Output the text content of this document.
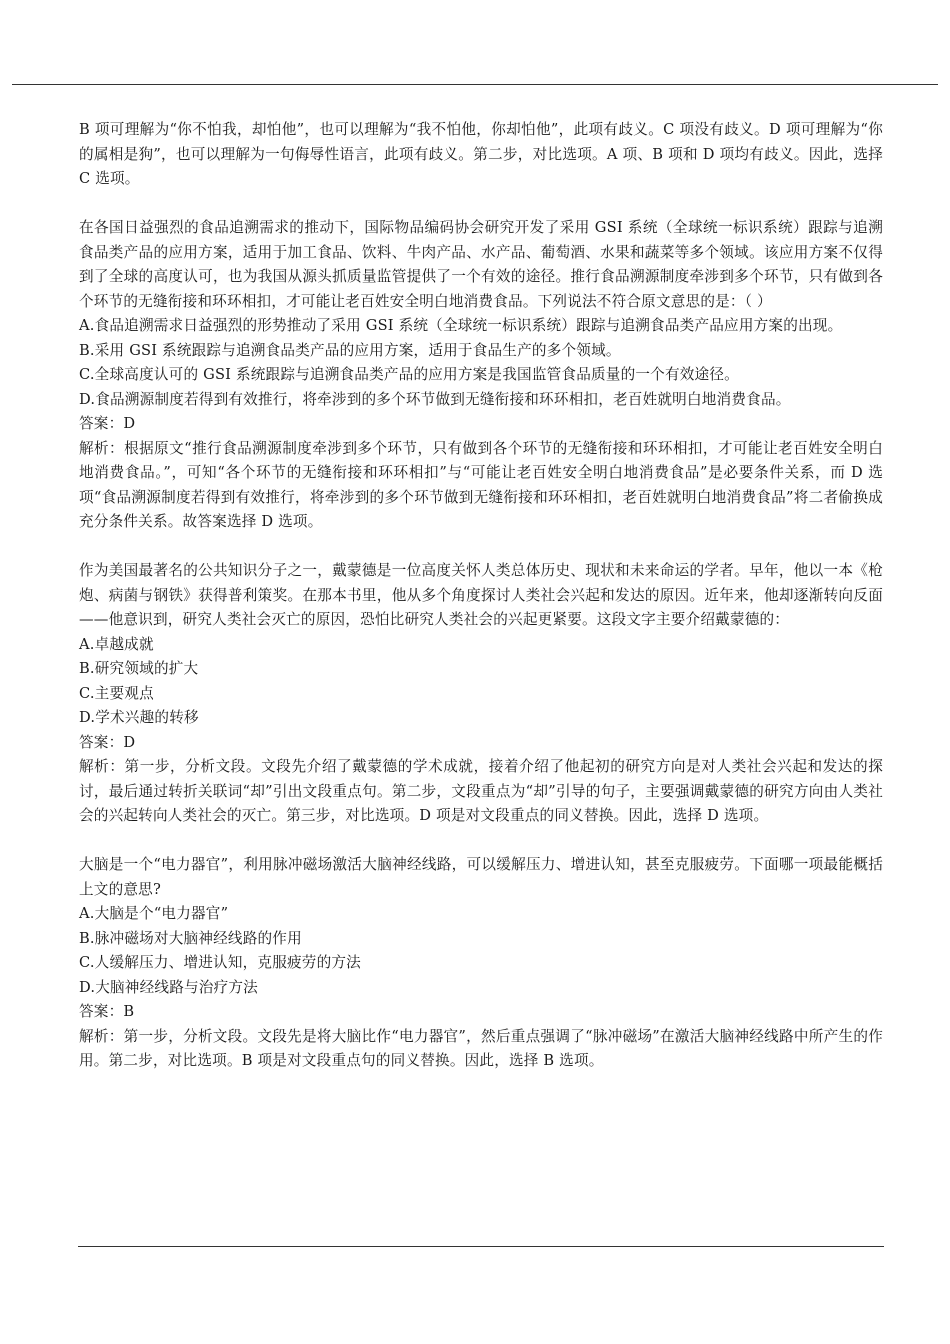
B 项可理解为“你不怕我，却怕他”，也可以理解为“我不怕他，你却怕他”，此项有歧义。C 项没有歧义。D 项可理解为“你的属相是狗”，也可以理解为一句侮辱性语言，此项有歧义。第二步，对比选项。A 项、B 项和 D 项均有歧义。因此，选择 C 选项。

在各国日益强烈的食品追溯需求的推动下，国际物品编码协会研究开发了采用 GSI 系统（全球统一标识系统）跟踪与追溯食品类产品的应用方案，适用于加工食品、饮料、牛肉产品、水产品、葡萄酒、水果和蔬菜等多个领域。该应用方案不仅得到了全球的高度认可，也为我国从源头抓质量监管提供了一个有效的途径。推行食品溯源制度牵涉到多个环节，只有做到各个环节的无缝衔接和环环相扣，才可能让老百姓安全明白地消费食品。下列说法不符合原文意思的是：（ ）

A.食品追溯需求日益强烈的形势推动了采用 GSI 系统（全球统一标识系统）跟踪与追溯食品类产品应用方案的出现。

B.采用 GSI 系统跟踪与追溯食品类产品的应用方案，适用于食品生产的多个领域。

C.全球高度认可的 GSI 系统跟踪与追溯食品类产品的应用方案是我国监管食品质量的一个有效途径。

D.食品溯源制度若得到有效推行，将牵涉到的多个环节做到无缝衔接和环环相扣，老百姓就明白地消费食品。

答案：D

解析：根据原文“推行食品溯源制度牵涉到多个环节，只有做到各个环节的无缝衔接和环环相扣，才可能让老百姓安全明白地消费食品。”，可知“各个环节的无缝衔接和环环相扣”与“可能让老百姓安全明白地消费食品”是必要条件关系，而 D 选项“食品溯源制度若得到有效推行，将牵涉到的多个环节做到无缝衔接和环环相扣，老百姓就明白地消费食品”将二者偷换成充分条件关系。故答案选择 D 选项。

作为美国最著名的公共知识分子之一，戴蒙德是一位高度关怀人类总体历史、现状和未来命运的学者。早年，他以一本《枪炮、病菌与钢铁》获得普利策奖。在那本书里，他从多个角度探讨人类社会兴起和发达的原因。近年来，他却逐渐转向反面——他意识到，研究人类社会灭亡的原因，恐怕比研究人类社会的兴起更紧要。这段文字主要介绍戴蒙德的：

A.卓越成就

B.研究领域的扩大

C.主要观点

D.学术兴趣的转移

答案：D

解析：第一步，分析文段。文段先介绍了戴蒙德的学术成就，接着介绍了他起初的研究方向是对人类社会兴起和发达的探讨，最后通过转折关联词“却”引出文段重点句。第二步，文段重点为“却”引导的句子，主要强调戴蒙德的研究方向由人类社会的兴起转向人类社会的灭亡。第三步，对比选项。D 项是对文段重点的同义替换。因此，选择 D 选项。

大脑是一个“电力器官”，利用脉冲磁场激活大脑神经线路，可以缓解压力、增进认知，甚至克服疲劳。下面哪一项最能概括上文的意思?

A.大脑是个“电力器官”

B.脉冲磁场对大脑神经线路的作用

C.人缓解压力、增进认知，克服疲劳的方法

D.大脑神经线路与治疗方法

答案：B

解析：第一步，分析文段。文段先是将大脑比作“电力器官”，然后重点强调了“脉冲磁场”在激活大脑神经线路中所产生的作用。第二步，对比选项。B 项是对文段重点句的同义替换。因此，选择 B 选项。
